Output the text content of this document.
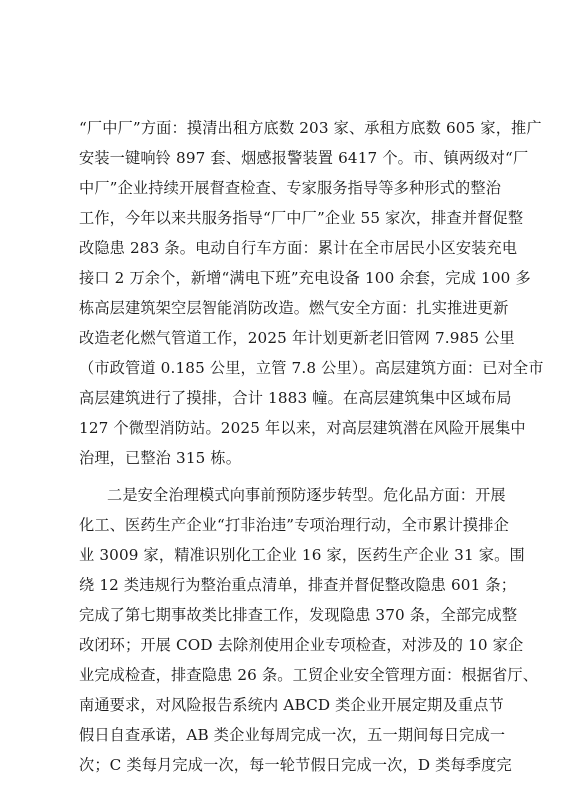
“厂中厂”方面：摸清出租方底数 203 家、承租方底数 605 家，推广
安装一键响铃 897 套、烟感报警装置 6417 个。市、镇两级对“厂
中厂”企业持续开展督查检查、专家服务指导等多种形式的整治
工作，今年以来共服务指导“厂中厂”企业 55 家次，排查并督促整
改隐患 283 条。电动自行车方面：累计在全市居民小区安装充电
接口 2 万余个，新增“满电下班”充电设备 100 余套，完成 100 多
栋高层建筑架空层智能消防改造。燃气安全方面：扎实推进更新
改造老化燃气管道工作，2025 年计划更新老旧管网 7.985 公里
（市政管道 0.185 公里，立管 7.8 公里）。高层建筑方面：已对全市
高层建筑进行了摸排，合计 1883 幢。在高层建筑集中区域布局
127 个微型消防站。2025 年以来，对高层建筑潜在风险开展集中
治理，已整治 315 栋。
二是安全治理模式向事前预防逐步转型。危化品方面：开展
化工、医药生产企业“打非治违”专项治理行动，全市累计摸排企
业 3009 家，精准识别化工企业 16 家，医药生产企业 31 家。围
绕 12 类违规行为整治重点清单，排查并督促整改隐患 601 条；
完成了第七期事故类比排查工作，发现隐患 370 条，全部完成整
改闭环；开展 COD 去除剂使用企业专项检查，对涉及的 10 家企
业完成检查，排查隐患 26 条。工贸企业安全管理方面：根据省厅、
南通要求，对风险报告系统内 ABCD 类企业开展定期及重点节
假日自查承诺，AB 类企业每周完成一次，五一期间每日完成一
次；C 类每月完成一次，每一轮节假日完成一次，D 类每季度完
